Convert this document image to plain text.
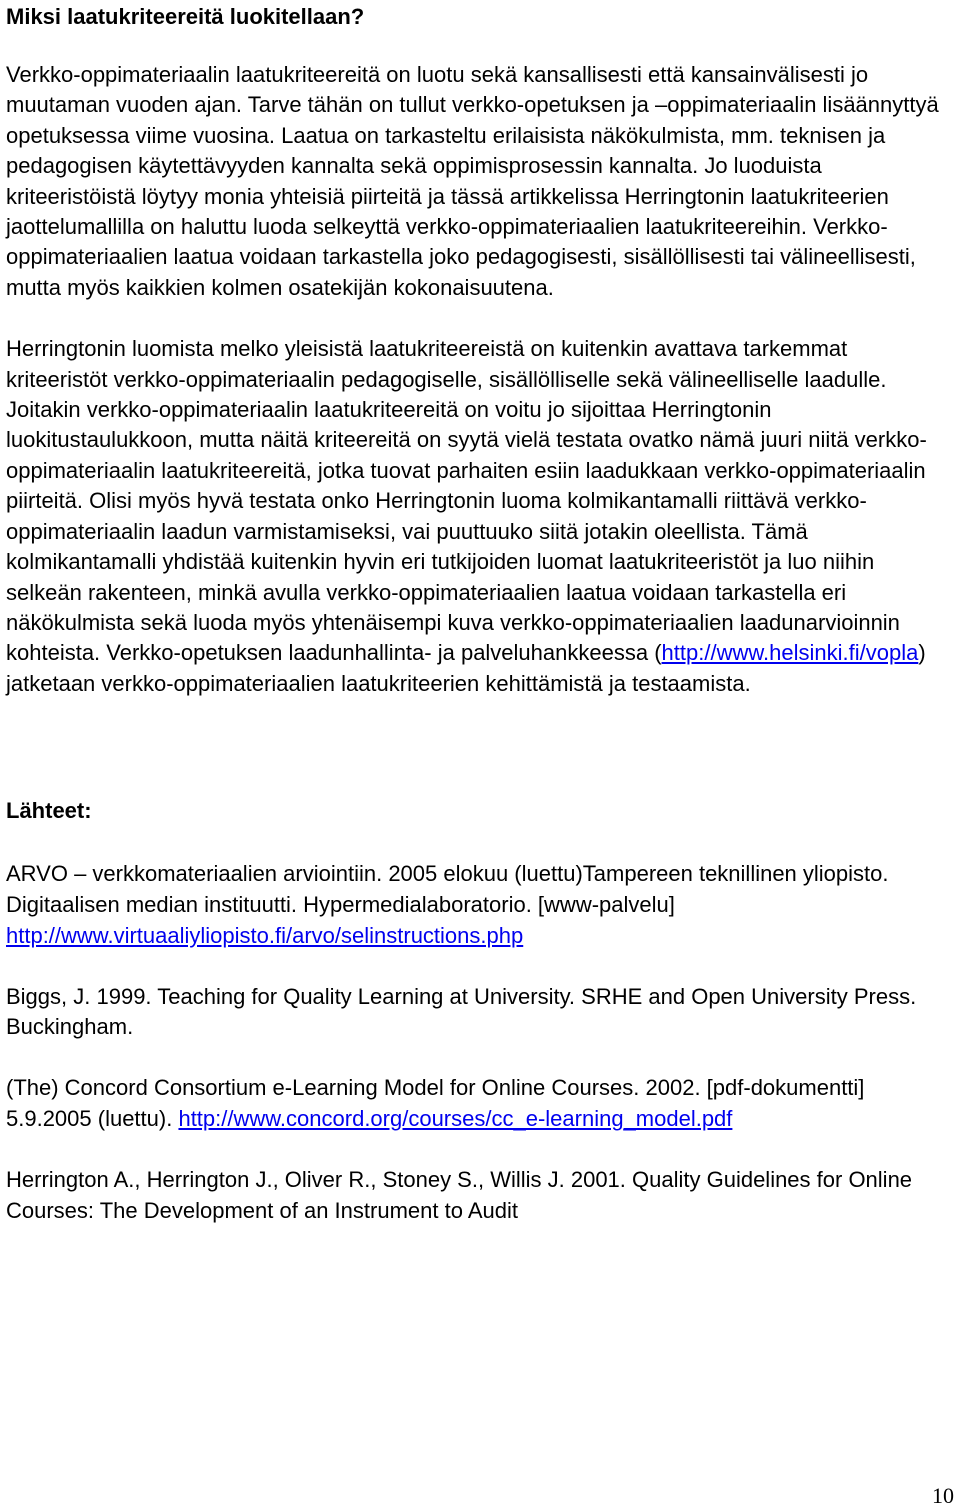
Miksi laatukriteereitä luokitellaan?

Verkko-oppimateriaalin laatukriteereitä on luotu sekä kansallisesti että kansainvälisesti jo muutaman vuoden ajan. Tarve tähän on tullut verkko-opetuksen ja –oppimateriaalin lisäännyttyä opetuksessa viime vuosina. Laatua on tarkasteltu erilaisista näkökulmista, mm. teknisen ja pedagogisen käytettävyyden kannalta sekä oppimisprosessin kannalta. Jo luoduista kriteeristöistä löytyy monia yhteisiä piirteitä ja tässä artikkelissa Herringtonin laatukriteerien jaottelumallilla on haluttu luoda selkeyttä verkko-oppimateriaalien laatukriteereihin. Verkko-oppimateriaalien laatua voidaan tarkastella joko pedagogisesti, sisällöllisesti tai välineellisesti, mutta myös kaikkien kolmen osatekijän kokonaisuutena.

Herringtonin luomista melko yleisistä laatukriteereistä on kuitenkin avattava tarkemmat kriteeristöt verkko-oppimateriaalin pedagogiselle, sisällölliselle sekä välineelliselle laadulle. Joitakin verkko-oppimateriaalin laatukriteereitä on voitu jo sijoittaa Herringtonin luokitustaulukkoon, mutta näitä kriteereitä on syytä vielä testata ovatko nämä juuri niitä verkko-oppimateriaalin laatukriteereitä, jotka tuovat parhaiten esiin laadukkaan verkko-oppimateriaalin piirteitä. Olisi myös hyvä testata onko Herringtonin luoma kolmikantamalli riittävä verkko-oppimateriaalin laadun varmistamiseksi, vai puuttuuko siitä jotakin oleellista. Tämä kolmikantamalli yhdistää kuitenkin hyvin eri tutkijoiden luomat laatukriteeristöt ja luo niihin selkeän rakenteen, minkä avulla verkko-oppimateriaalien laatua voidaan tarkastella eri näkökulmista sekä luoda myös yhtenäisempi kuva verkko-oppimateriaalien laadunarvioinnin kohteista. Verkko-opetuksen laadunhallinta- ja palveluhankkeessa (http://www.helsinki.fi/vopla) jatketaan verkko-oppimateriaalien laatukriteerien kehittämistä ja testaamista.

Lähteet:

ARVO – verkkomateriaalien arviointiin. 2005 elokuu (luettu)Tampereen teknillinen yliopisto. Digitaalisen median instituutti. Hypermedialaboratorio. [www-palvelu] http://www.virtuaaliyliopisto.fi/arvo/selinstructions.php

Biggs, J. 1999. Teaching for Quality Learning at University. SRHE and Open University Press. Buckingham.

(The) Concord Consortium e-Learning Model for Online Courses. 2002. [pdf-dokumentti] 5.9.2005 (luettu). http://www.concord.org/courses/cc_e-learning_model.pdf

Herrington A., Herrington J., Oliver R., Stoney S., Willis J. 2001. Quality Guidelines for Online Courses: The Development of an Instrument to Audit

10
